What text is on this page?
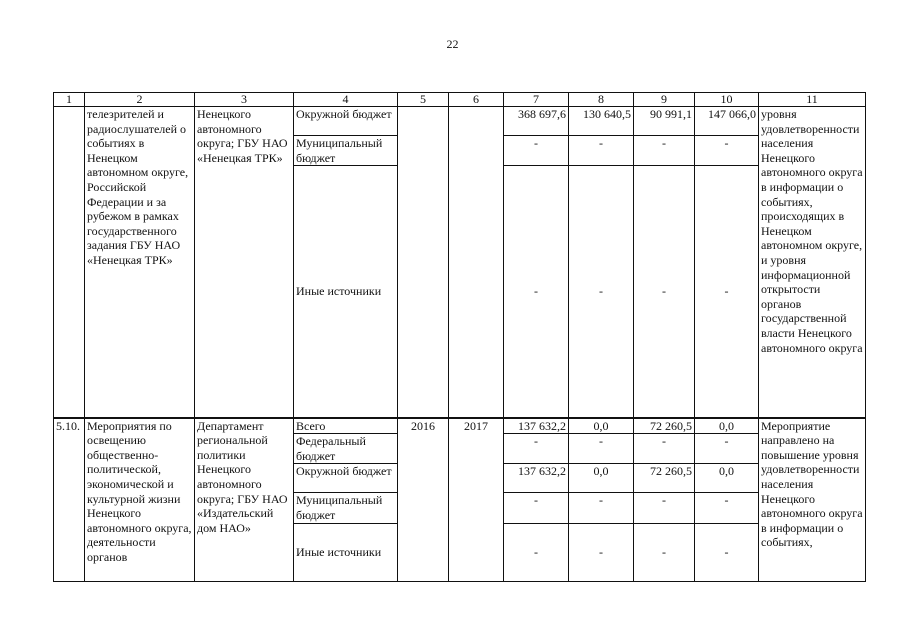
22
1	2	3	4	5	6	7	8	9	10	11
	телезрителей и радиослушателей о событиях в Ненецком автономном округе, Российской Федерации и за рубежом в рамках государственного задания ГБУ НАО «Ненецкая ТРК»	Ненецкого автономного округа; ГБУ НАО «Ненецкая ТРК»	Окружной бюджет			368 697,6	130 640,5	90 991,1	147 066,0	уровня удовлетворенности населения Ненецкого автономного округа в информации о событиях, происходящих в Ненецком автономном округе, и уровня информационной открытости органов государственной власти Ненецкого автономного округа
			Муниципальный бюджет			-	-	-	-	
			Иные источники			-	-	-	-	
5.10.	Мероприятия по освещению общественно-политической, экономической и культурной жизни Ненецкого автономного округа, деятельности органов	Департамент региональной политики Ненецкого автономного округа; ГБУ НАО «Издательский дом НАО»	Всего	2016	2017	137 632,2	0,0	72 260,5	0,0	Мероприятие направлено на повышение уровня удовлетворенности населения Ненецкого автономного округа в информации о событиях,
			Федеральный бюджет			-	-	-	-	
			Окружной бюджет			137 632,2	0,0	72 260,5	0,0	
			Муниципальный бюджет			-	-	-	-	
			Иные источники			-	-	-	-	
